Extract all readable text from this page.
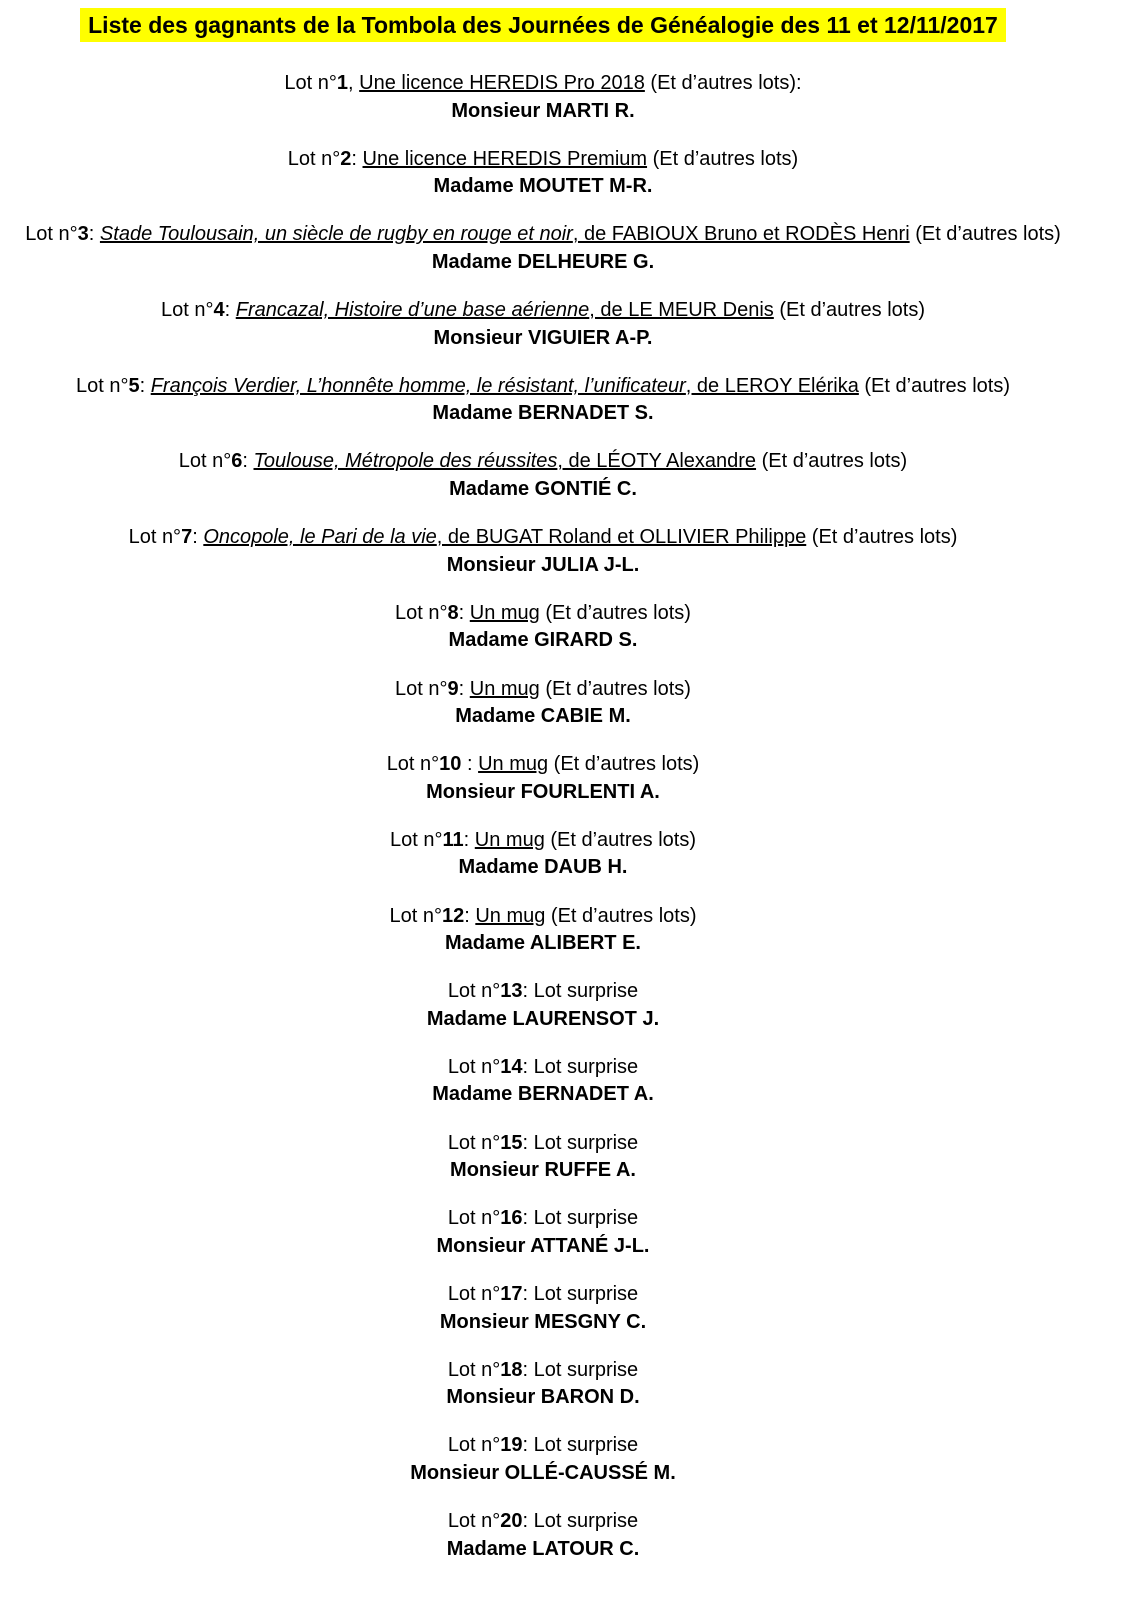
Liste des gagnants de la Tombola des Journées de Généalogie des 11 et 12/11/2017
Lot n°1, Une licence HEREDIS Pro 2018 (Et d’autres lots):
Monsieur MARTI R.
Lot n°2: Une licence HEREDIS Premium (Et d’autres lots)
Madame MOUTET M-R.
Lot n°3: Stade Toulousain, un siècle de rugby en rouge et noir, de FABIOUX Bruno et RODÈS Henri (Et d’autres lots)
Madame DELHEURE G.
Lot n°4: Francazal, Histoire d’une base aérienne, de LE MEUR Denis (Et d’autres lots)
Monsieur VIGUIER A-P.
Lot n°5: François Verdier, L’honnête homme, le résistant, l’unificateur, de LEROY Elérika (Et d’autres lots)
Madame BERNADET S.
Lot n°6: Toulouse, Métropole des réussites, de LÉOTY Alexandre (Et d’autres lots)
Madame GONTIÉ C.
Lot n°7: Oncopole, le Pari de la vie, de BUGAT Roland et OLLIVIER Philippe (Et d’autres lots)
Monsieur JULIA J-L.
Lot n°8: Un mug (Et d’autres lots)
Madame GIRARD S.
Lot n°9: Un mug (Et d’autres lots)
Madame CABIE M.
Lot n°10 : Un mug (Et d’autres lots)
Monsieur FOURLENTI A.
Lot n°11: Un mug (Et d’autres lots)
Madame DAUB H.
Lot n°12: Un mug (Et d’autres lots)
Madame ALIBERT E.
Lot n°13: Lot surprise
Madame LAURENSOT J.
Lot n°14: Lot surprise
Madame BERNADET A.
Lot n°15: Lot surprise
Monsieur RUFFE A.
Lot n°16: Lot surprise
Monsieur ATTANÉ J-L.
Lot n°17: Lot surprise
Monsieur MESGNY C.
Lot n°18: Lot surprise
Monsieur BARON D.
Lot n°19: Lot surprise
Monsieur OLLÉ-CAUSSÉ M.
Lot n°20: Lot surprise
Madame LATOUR C.
